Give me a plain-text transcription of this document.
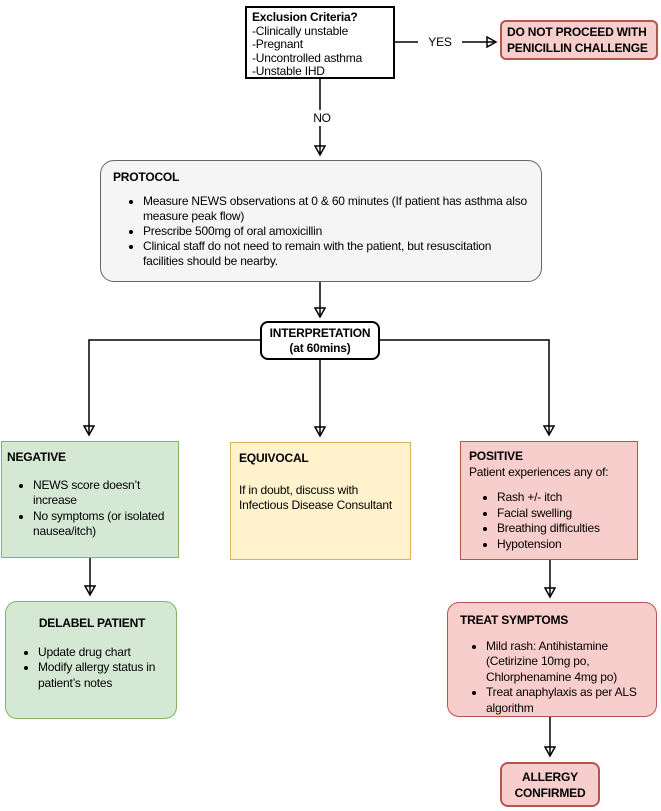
YES
NO
Exclusion Criteria?
-Clinically unstable
-Pregnant
-Uncontrolled asthma
-Unstable IHD
DO NOT PROCEED WITH
PENICILLIN CHALLENGE
PROTOCOL
• Measure NEWS observations at 0 & 60 minutes (If patient has asthma also measure peak flow)
• Prescribe 500mg of oral amoxicillin
• Clinical staff do not need to remain with the patient, but resuscitation facilities should be nearby.
INTERPRETATION
(at 60mins)
NEGATIVE
• NEWS score doesn’t increase
• No symptoms (or isolated nausea/itch)
EQUIVOCAL
If in doubt, discuss with Infectious Disease Consultant
POSITIVE
Patient experiences any of:
• Rash +/- itch
• Facial swelling
• Breathing difficulties
• Hypotension
DELABEL PATIENT
• Update drug chart
• Modify allergy status in patient’s notes
TREAT SYMPTOMS
• Mild rash: Antihistamine (Cetirizine 10mg po, Chlorphenamine 4mg po)
• Treat anaphylaxis as per ALS algorithm
ALLERGY
CONFIRMED
